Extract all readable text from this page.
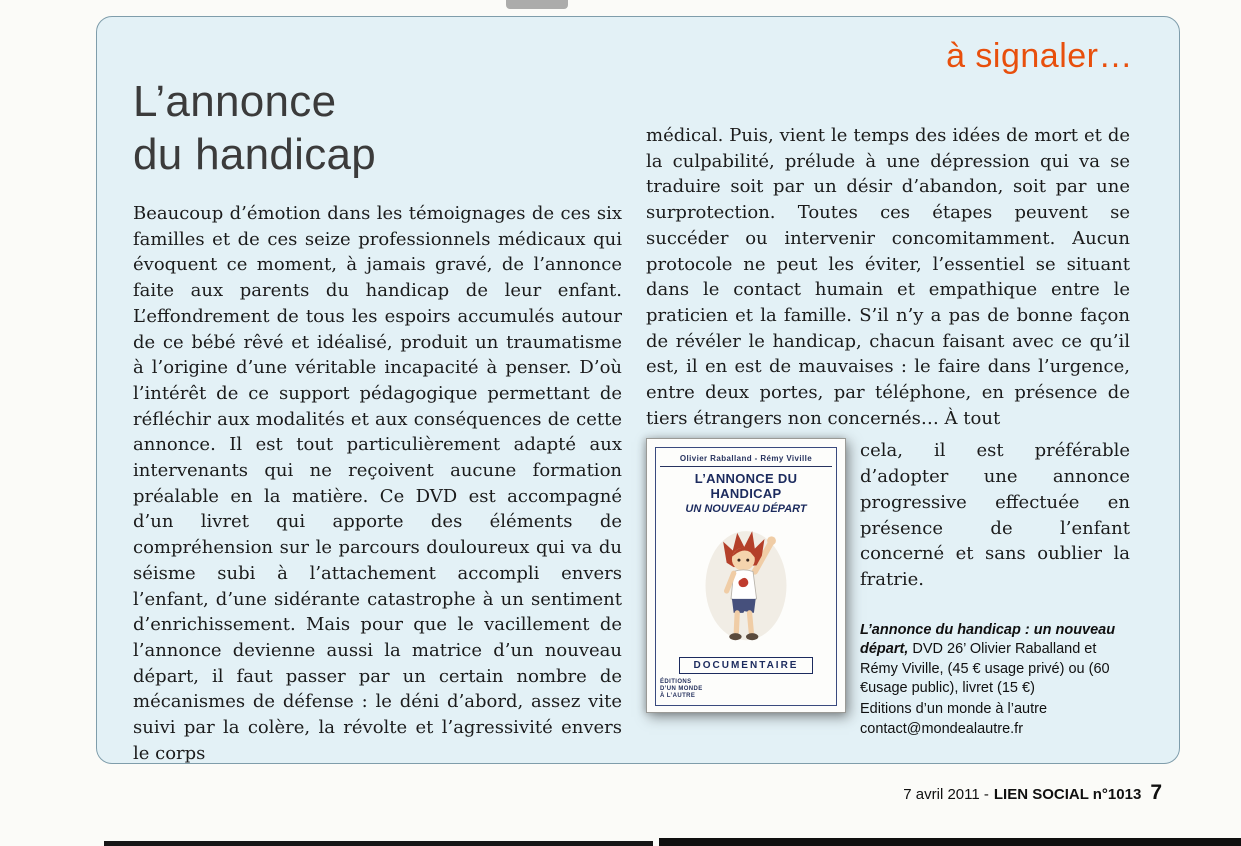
à signaler…
L’annonce
du handicap

Beaucoup d’émotion dans les témoignages de ces six familles et de ces seize professionnels médicaux qui évoquent ce moment, à jamais gravé, de l’annonce faite aux parents du handicap de leur enfant. L’effondrement de tous les espoirs accumulés autour de ce bébé rêvé et idéalisé, produit un traumatisme à l’origine d’une véritable incapacité à penser. D’où l’intérêt de ce support pédagogique permettant de réfléchir aux modalités et aux conséquences de cette annonce. Il est tout particulièrement adapté aux intervenants qui ne reçoivent aucune formation préalable en la matière. Ce DVD est accompagné d’un livret qui apporte des éléments de compréhension sur le parcours douloureux qui va du séisme subi à l’attachement accompli envers l’enfant, d’une sidérante catastrophe à un sentiment d’enrichissement. Mais pour que le vacillement de l’annonce devienne aussi la matrice d’un nouveau départ, il faut passer par un certain nombre de mécanismes de défense : le déni d’abord, assez vite suivi par la colère, la révolte et l’agressivité envers le corps

médical. Puis, vient le temps des idées de mort et de la culpabilité, prélude à une dépression qui va se traduire soit par un désir d’abandon, soit par une surprotection. Toutes ces étapes peuvent se succéder ou intervenir concomitamment. Aucun protocole ne peut les éviter, l’essentiel se situant dans le contact humain et empathique entre le praticien et la famille. S’il n’y a pas de bonne façon de révéler le handicap, chacun faisant avec ce qu’il est, il en est de mauvaises : le faire dans l’urgence, entre deux portes, par téléphone, en présence de tiers étrangers non concernés… À tout

Olivier Raballand - Rémy Viville
L’ANNONCE DU HANDICAP
UN NOUVEAU DÉPART
DOCUMENTAIRE
ÉDITIONS
D’UN MONDE
À L’AUTRE

cela, il est préférable d’adopter une annonce progressive effectuée en présence de l’enfant concerné et sans oublier la fratrie.

L’annonce du handicap : un nouveau départ, DVD 26’ Olivier Raballand et Rémy Viville, (45 € usage privé) ou (60 €usage public), livret (15 €)

Editions d’un monde à l’autre

contact@mondealautre.fr

7 avril 2011 - LIEN SOCIAL n°1013 7
